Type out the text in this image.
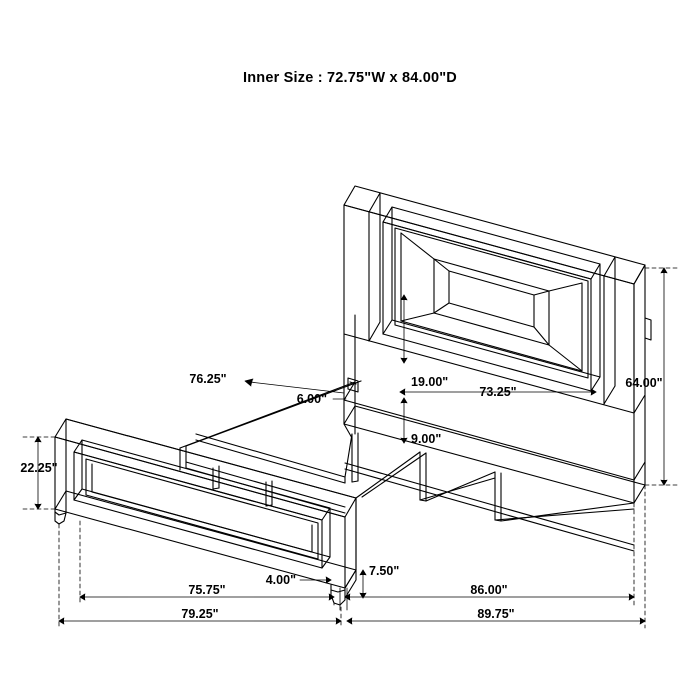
Inner Size : 72.75"W x 84.00"D
64.00"
73.25"
19.00"
9.00"
76.25"
6.00"
22.25"
7.50"
4.00"
75.75"	86.00"
79.25"	89.75"
